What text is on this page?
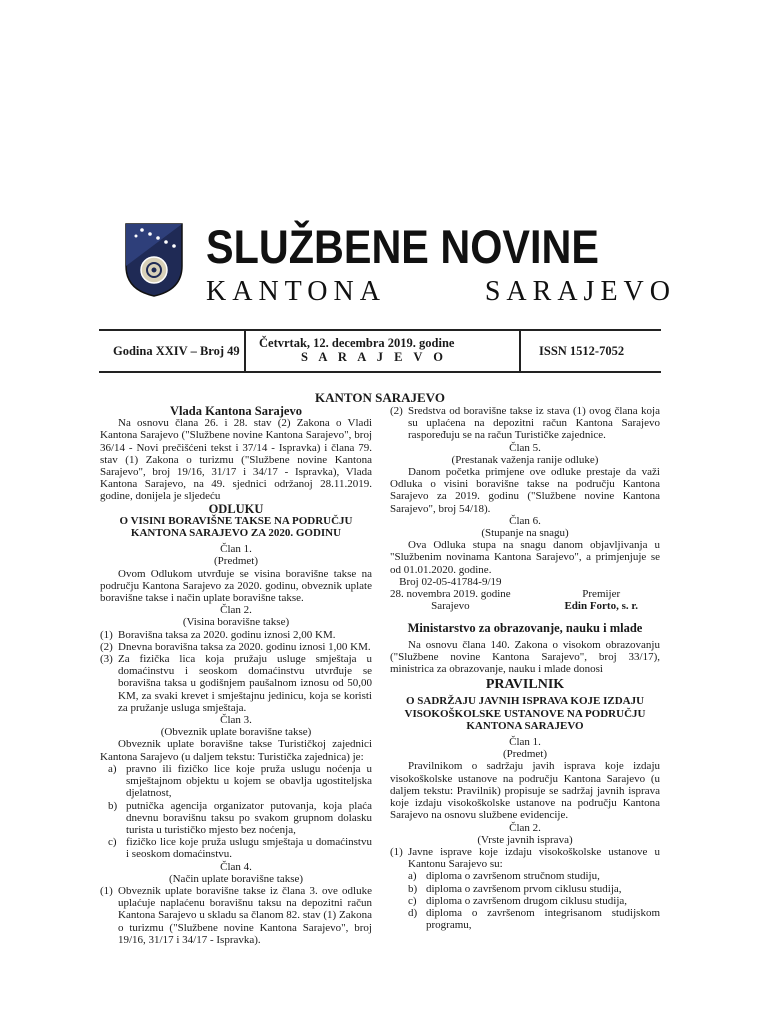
SLUŽBENE NOVINE
KANTONA	SARAJEVO
Godina XXIV – Broj 49
Četvrtak, 12. decembra 2019. godine
S A R A J E V O	ISSN 1512-7052
KANTON SARAJEVO

Vlada Kantona Sarajevo

Na osnovu člana 26. i 28. stav (2) Zakona o Vladi Kantona Sarajevo ("Službene novine Kantona Sarajevo", broj 36/14 - Novi prečišćeni tekst i 37/14 - Ispravka) i člana 79. stav (1) Zakona o turizmu ("Službene novine Kantona Sarajevo", broj 19/16, 31/17 i 34/17 - Ispravka), Vlada Kantona Sarajevo, na 49. sjednici održanoj 28.11.2019. godine, donijela je sljedeću

ODLUKU

O VISINI BORAVIŠNE TAKSE NA PODRUČJU KANTONA SARAJEVO ZA 2020. GODINU

Član 1.

(Predmet)

Ovom Odlukom utvrđuje se visina boravišne takse na području Kantona Sarajevo za 2020. godinu, obveznik uplate boravišne takse i način uplate boravišne takse.

Član 2.

(Visina boravišne takse)

(1) Boravišna taksa za 2020. godinu iznosi 2,00 KM.
(2) Dnevna boravišna taksa za 2020. godinu iznosi 1,00 KM.
(3) Za fizička lica koja pružaju usluge smještaja u domaćinstvu i seoskom domaćinstvu utvrđuje se boravišna taksa u godišnjem paušalnom iznosu od 50,00 KM, za svaki krevet i smještajnu jedinicu, koja se koristi za pružanje usluga smještaja.

Član 3.

(Obveznik uplate boravišne takse)

Obveznik uplate boravišne takse Turističkoj zajednici Kantona Sarajevo (u daljem tekstu: Turistička zajednica) je:

a) pravno ili fizičko lice koje pruža uslugu noćenja u smještajnom objektu u kojem se obavlja ugostiteljska djelatnost,
b) putnička agencija organizator putovanja, koja plaća dnevnu boravišnu taksu po svakom grupnom dolasku turista u turističko mjesto bez noćenja,
c) fizičko lice koje pruža uslugu smještaja u domaćinstvu i seoskom domaćinstvu.

Član 4.

(Način uplate boravišne takse)

(1) Obveznik uplate boravišne takse iz člana 3. ove odluke uplaćuje naplaćenu boravišnu taksu na depozitni račun Kantona Sarajevo u skladu sa članom 82. stav (1) Zakona o turizmu ("Službene novine Kantona Sarajevo", broj 19/16, 31/17 i 34/17 - Ispravka).
(2) Sredstva od boravišne takse iz stava (1) ovog člana koja su uplaćena na depozitni račun Kantona Sarajevo raspoređuju se na račun Turističke zajednice.

Član 5.

(Prestanak važenja ranije odluke)

Danom početka primjene ove odluke prestaje da važi Odluka o visini boravišne takse na području Kantona Sarajevo za 2019. godinu ("Službene novine Kantona Sarajevo", broj 54/18).

Član 6.

(Stupanje na snagu)

Ova Odluka stupa na snagu danom objavljivanja u "Službenim novinama Kantona Sarajevo", a primjenjuje se od 01.01.2020. godine.

Broj 02-05-41784-9/19

28. novembra 2019. godine

Sarajevo

Premijer

Edin Forto, s. r.

Ministarstvo za obrazovanje, nauku i mlade

Na osnovu člana 140. Zakona o visokom obrazovanju ("Službene novine Kantona Sarajevo", broj 33/17), ministrica za obrazovanje, nauku i mlade donosi

PRAVILNIK

O SADRŽAJU JAVNIH ISPRAVA KOJE IZDAJU VISOKOŠKOLSKE USTANOVE NA PODRUČJU KANTONA SARAJEVO

Član 1.

(Predmet)

Pravilnikom o sadržaju javih isprava koje izdaju visokoškolske ustanove na području Kantona Sarajevo (u daljem tekstu: Pravilnik) propisuje se sadržaj javnih isprava koje izdaju visokoškolske ustanove na području Kantona Sarajevo na osnovu službene evidencije.

Član 2.

(Vrste javnih isprava)

(1) Javne isprave koje izdaju visokoškolske ustanove u Kantonu Sarajevo su:
a) diploma o završenom stručnom studiju,
b) diploma o završenom prvom ciklusu studija,
c) diploma o završenom drugom ciklusu studija,
d) diploma o završenom integrisanom studijskom programu,
